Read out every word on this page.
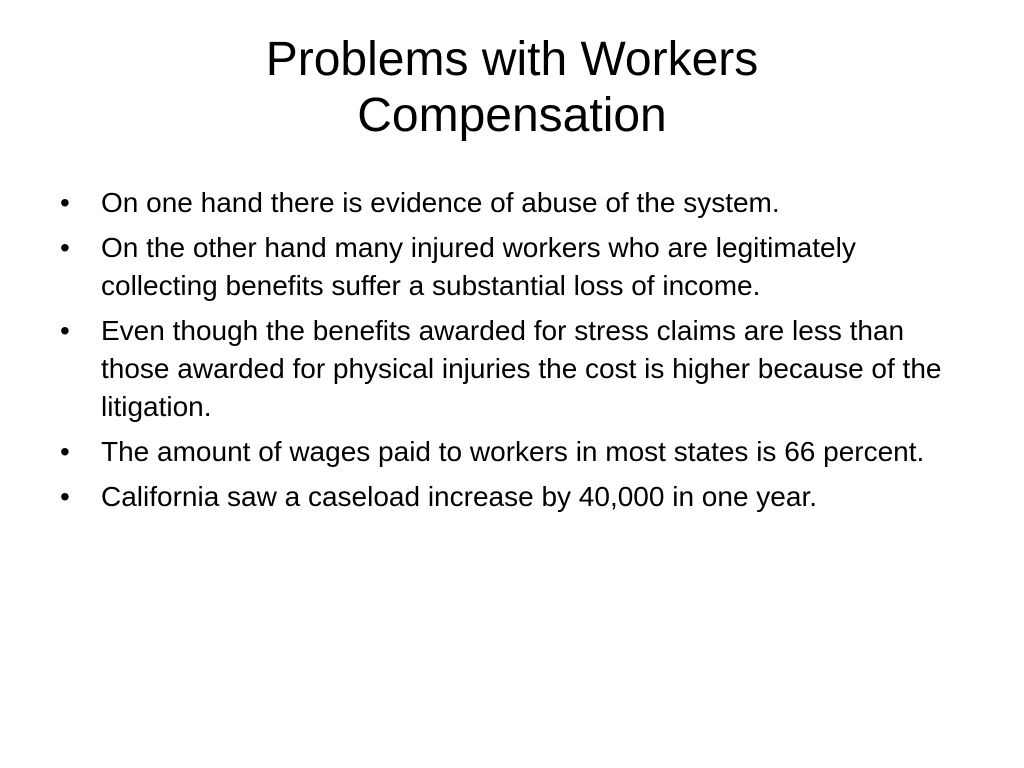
Problems with Workers
Compensation
•	On one hand there is evidence of abuse of the system.
•	On the other hand many injured workers who are legitimately collecting benefits suffer a substantial loss of income.
•	Even though the benefits awarded for stress claims are less than those awarded for physical injuries the cost is higher because of the litigation.
•	The amount of wages paid to workers in most states is 66 percent.
•	California saw a caseload increase by 40,000 in one year.
